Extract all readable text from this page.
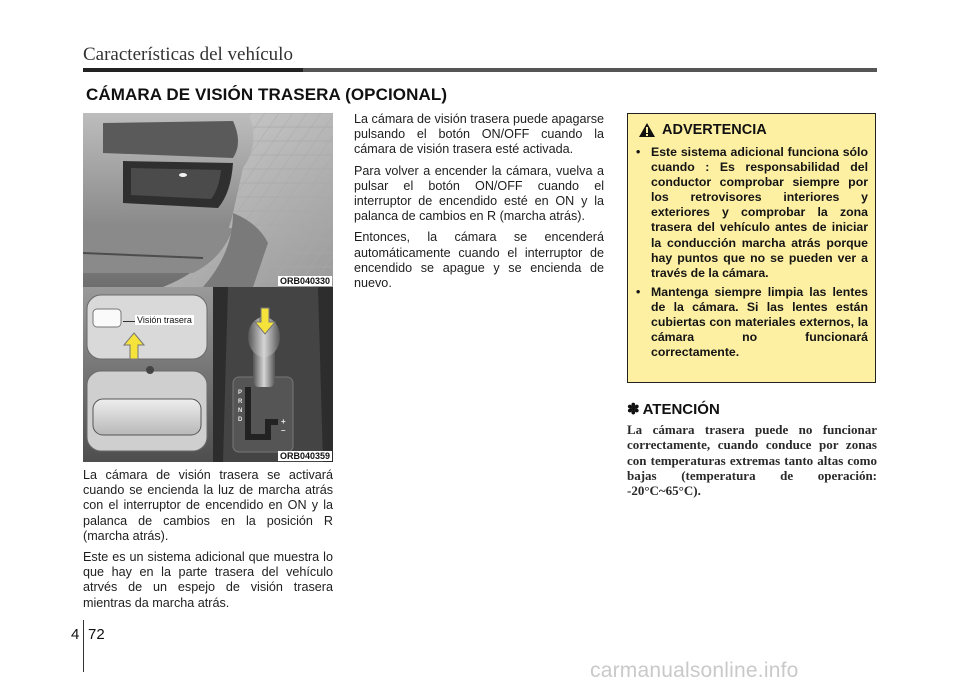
Características del vehículo
CÁMARA DE VISIÓN TRASERA (OPCIONAL)
ORB040330
Visión trasera
P
R
N
D	+
–
ORB040359

La cámara de visión trasera se activará cuando se encienda la luz de marcha atrás con el interruptor de encendido en ON y la palanca de cambios en la posición R (marcha atrás).

Este es un sistema adicional que muestra lo que hay en la parte trasera del vehículo atrvés de un espejo de visión trasera mientras da marcha atrás.

La cámara de visión trasera puede apagarse pulsando el botón ON/OFF cuando la cámara de visión trasera esté activada.

Para volver a encender la cámara, vuelva a pulsar el botón ON/OFF cuando el interruptor de encendido esté en ON y la palanca de cambios en R (marcha atrás).

Entonces, la cámara se encenderá automáticamente cuando el interruptor de encendido se apague y se encienda de nuevo.

ADVERTENCIA
• Este sistema adicional funciona sólo cuando : Es responsabilidad del conductor comprobar siempre por los retrovisores interiores y exteriores y comprobar la zona trasera del vehículo antes de iniciar la conducción marcha atrás porque hay puntos que no se pueden ver a través de la cámara.
• Mantenga siempre limpia las lentes de la cámara. Si las lentes están cubiertas con materiales externos, la cámara no funcionará correctamente.
✽ ATENCIÓN
La cámara trasera puede no funcionar correctamente, cuando conduce por zonas con temperaturas extremas tanto altas como bajas (temperatura de operación: -20°C~65°C).
4 72
carmanualsonline.info
